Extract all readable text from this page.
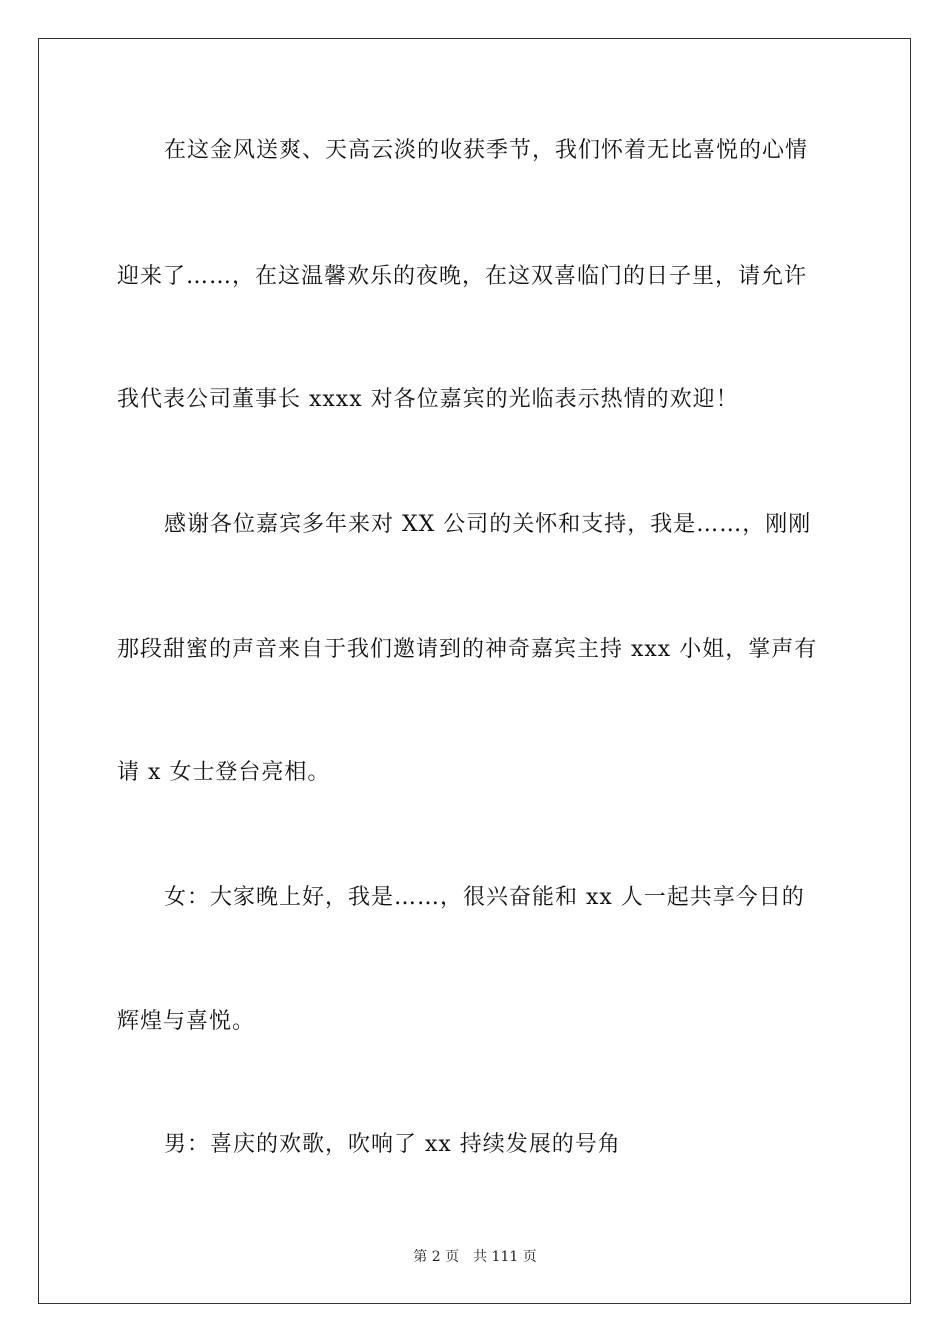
在这金风送爽、天高云淡的收获季节，我们怀着无比喜悦的心情
迎来了……，在这温馨欢乐的夜晚，在这双喜临门的日子里，请允许
我代表公司董事长 xxxx 对各位嘉宾的光临表示热情的欢迎！
感谢各位嘉宾多年来对 XX 公司的关怀和支持，我是……，刚刚
那段甜蜜的声音来自于我们邀请到的神奇嘉宾主持 xxx 小姐，掌声有
请 x 女士登台亮相。
女：大家晚上好，我是……，很兴奋能和 xx 人一起共享今日的
辉煌与喜悦。
男：喜庆的欢歌，吹响了 xx 持续发展的号角
第 2 页 共 111 页
